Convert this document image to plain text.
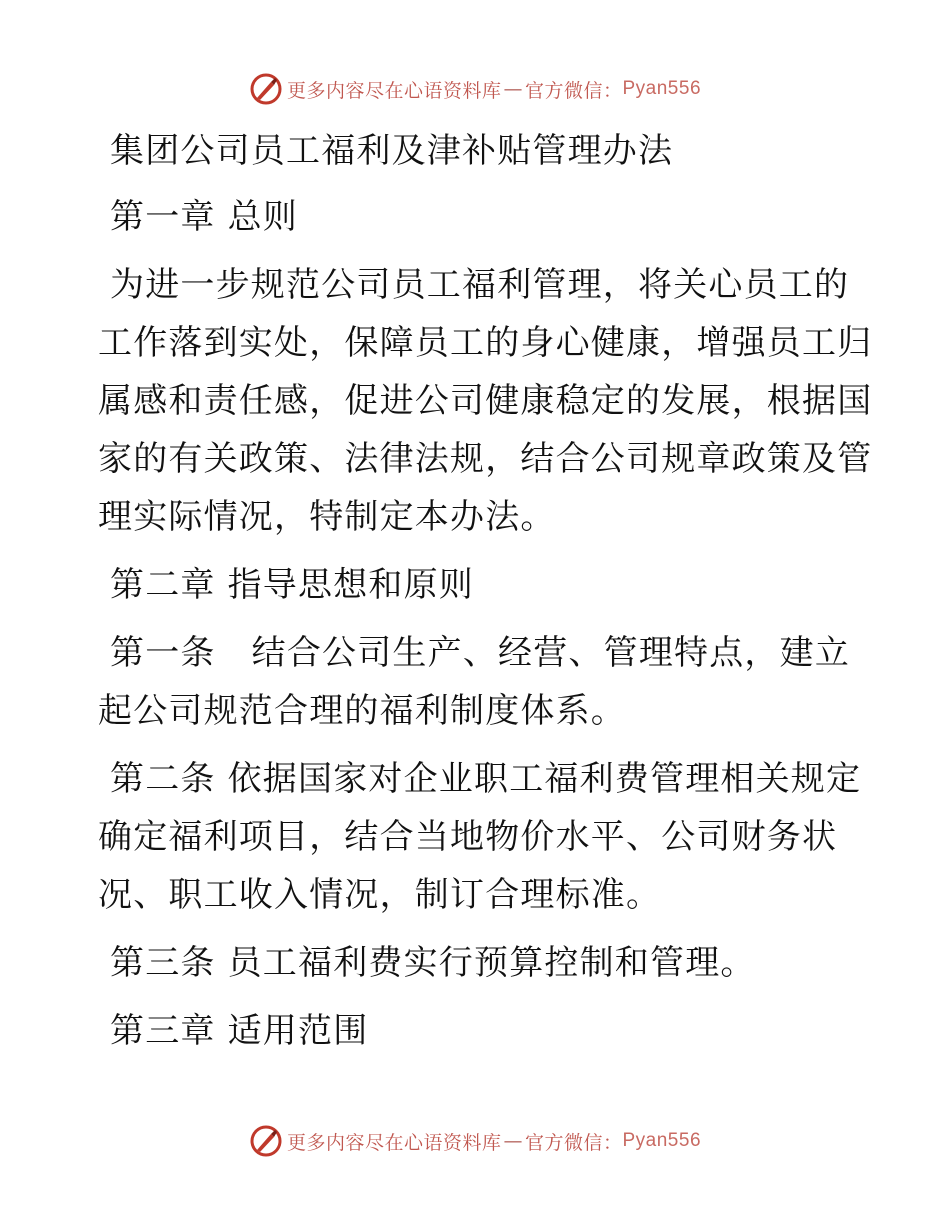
更多内容尽在心语资料库 — 官方微信： Pyan556
集团公司员工福利及津补贴管理办法
第一章 总则
为进一步规范公司员工福利管理，将关心员工的
工作落到实处，保障员工的身心健康，增强员工归
属感和责任感，促进公司健康稳定的发展，根据国
家的有关政策、法律法规，结合公司规章政策及管
理实际情况，特制定本办法。
第二章 指导思想和原则
第一条   结合公司生产、经营、管理特点，建立
起公司规范合理的福利制度体系。
第二条 依据国家对企业职工福利费管理相关规定
确定福利项目，结合当地物价水平、公司财务状
况、职工收入情况，制订合理标准。
第三条 员工福利费实行预算控制和管理。
第三章 适用范围
更多内容尽在心语资料库 — 官方微信： Pyan556
